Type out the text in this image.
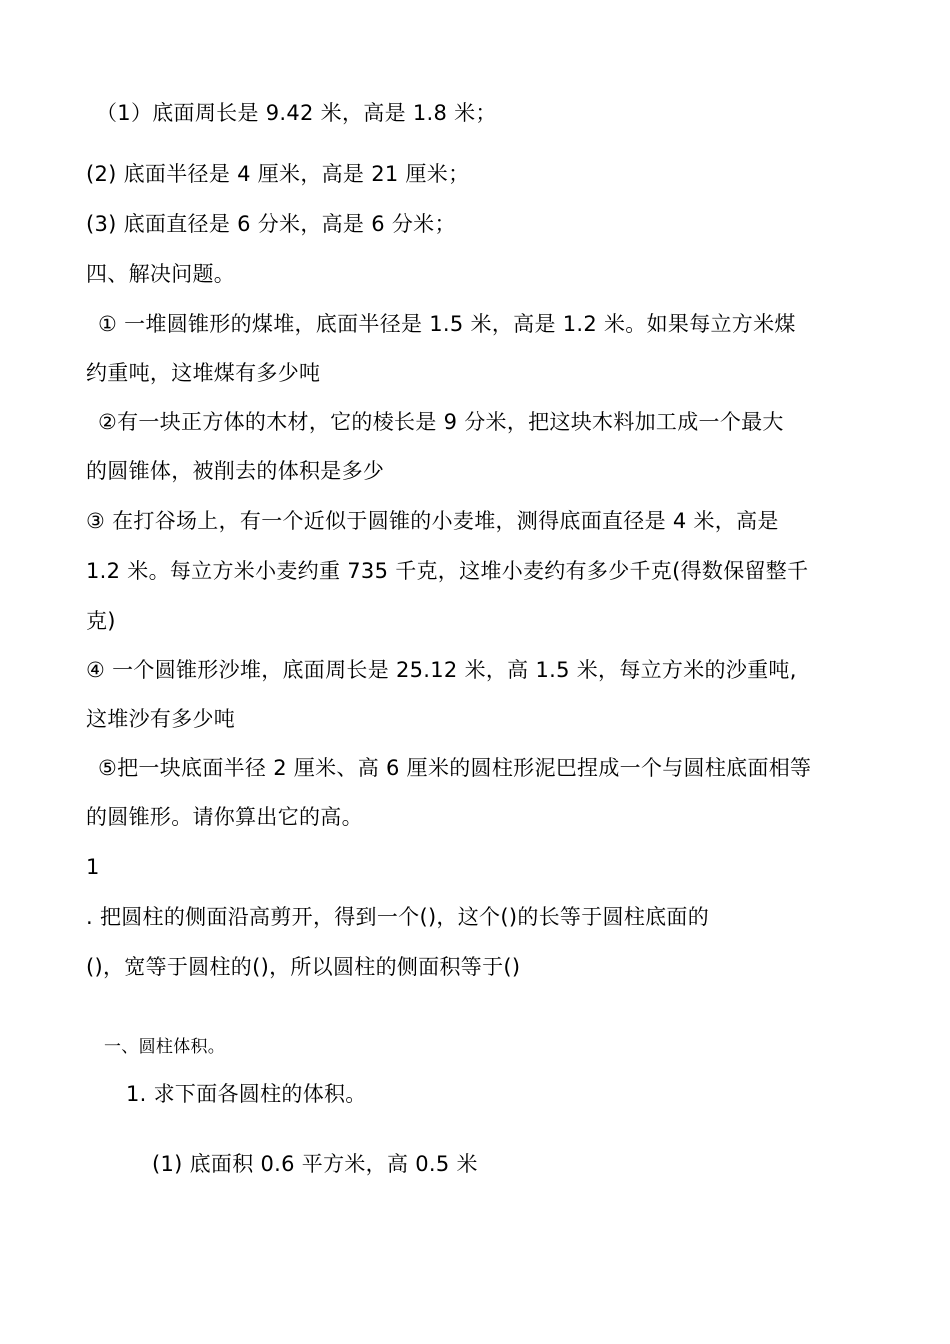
（1）底面周长是 9.42 米，高是 1.8 米；
(2) 底面半径是 4 厘米，高是 21 厘米；
(3) 底面直径是 6 分米，高是 6 分米；
四、解决问题。
① 一堆圆锥形的煤堆，底面半径是 1.5 米，高是 1.2 米。如果每立方米煤
约重吨，这堆煤有多少吨
②有一块正方体的木材，它的棱长是 9 分米，把这块木料加工成一个最大
的圆锥体，被削去的体积是多少
③ 在打谷场上，有一个近似于圆锥的小麦堆，测得底面直径是 4 米，高是
1.2 米。每立方米小麦约重 735 千克，这堆小麦约有多少千克(得数保留整千
克)
④ 一个圆锥形沙堆，底面周长是 25.12 米，高 1.5 米，每立方米的沙重吨,
这堆沙有多少吨
⑤把一块底面半径 2 厘米、高 6 厘米的圆柱形泥巴捏成一个与圆柱底面相等
的圆锥形。请你算出它的高。
1
. 把圆柱的侧面沿高剪开，得到一个()，这个()的长等于圆柱底面的
()，宽等于圆柱的()，所以圆柱的侧面积等于()
一、圆柱体积。
1. 求下面各圆柱的体积。
(1) 底面积 0.6 平方米，高 0.5 米
